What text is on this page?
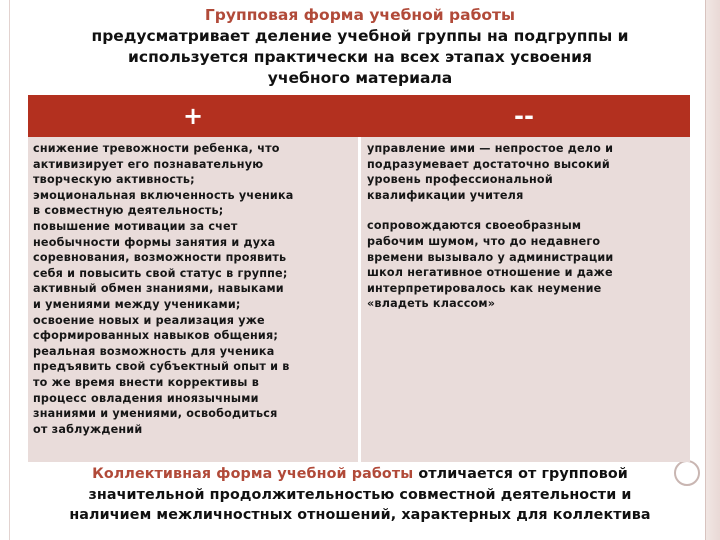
Групповая форма учебной работы
предусматривает деление учебной группы на подгруппы и
используется практически на всех этапах усвоения
учебного материала
+	--
снижение тревожности ребенка, что
активизирует его познавательную
творческую активность;
эмоциональная включенность ученика
в совместную деятельность;
повышение мотивации за счет
необычности формы занятия и духа
соревнования, возможности проявить
себя и повысить свой статус в группе;
активный обмен знаниями, навыками
и умениями между учениками;
освоение новых и реализация уже
сформированных навыков общения;
реальная возможность для ученика
предъявить свой субъектный опыт и в
то же время внести коррективы в
процесс овладения иноязычными
знаниями и умениями, освободиться
от заблуждений
управление ими — непростое дело и
подразумевает достаточно высокий
уровень профессиональной
квалификации учителя

сопровождаются своеобразным

рабочим шумом, что до недавнего
времени вызывало у администрации
школ негативное отношение и даже
интерпретировалось как неумение
«владеть классом»
Коллективная форма учебной работы отличается от групповой
значительной продолжительностью совместной деятельности и
наличием межличностных отношений, характерных для коллектива
